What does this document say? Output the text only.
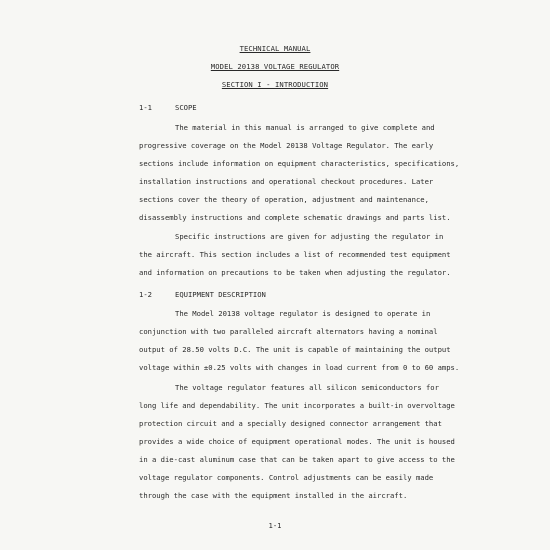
TECHNICAL MANUAL
MODEL 20138 VOLTAGE REGULATOR
SECTION I - INTRODUCTION
1-1	SCOPE
The material in this manual is arranged to give complete and
progressive coverage on the Model 20138 Voltage Regulator. The early
sections include information on equipment characteristics, specifications,
installation instructions and operational checkout procedures. Later
sections cover the theory of operation, adjustment and maintenance,
disassembly instructions and complete schematic drawings and parts list.
Specific instructions are given for adjusting the regulator in
the aircraft. This section includes a list of recommended test equipment
and information on precautions to be taken when adjusting the regulator.
1-2	EQUIPMENT DESCRIPTION
The Model 20138 voltage regulator is designed to operate in
conjunction with two paralleled aircraft alternators having a nominal
output of 28.50 volts D.C. The unit is capable of maintaining the output
voltage within ±0.25 volts with changes in load current from 0 to 60 amps.
The voltage regulator features all silicon semiconductors for
long life and dependability. The unit incorporates a built-in overvoltage
protection circuit and a specially designed connector arrangement that
provides a wide choice of equipment operational modes. The unit is housed
in a die-cast aluminum case that can be taken apart to give access to the
voltage regulator components. Control adjustments can be easily made
through the case with the equipment installed in the aircraft.
1-1
